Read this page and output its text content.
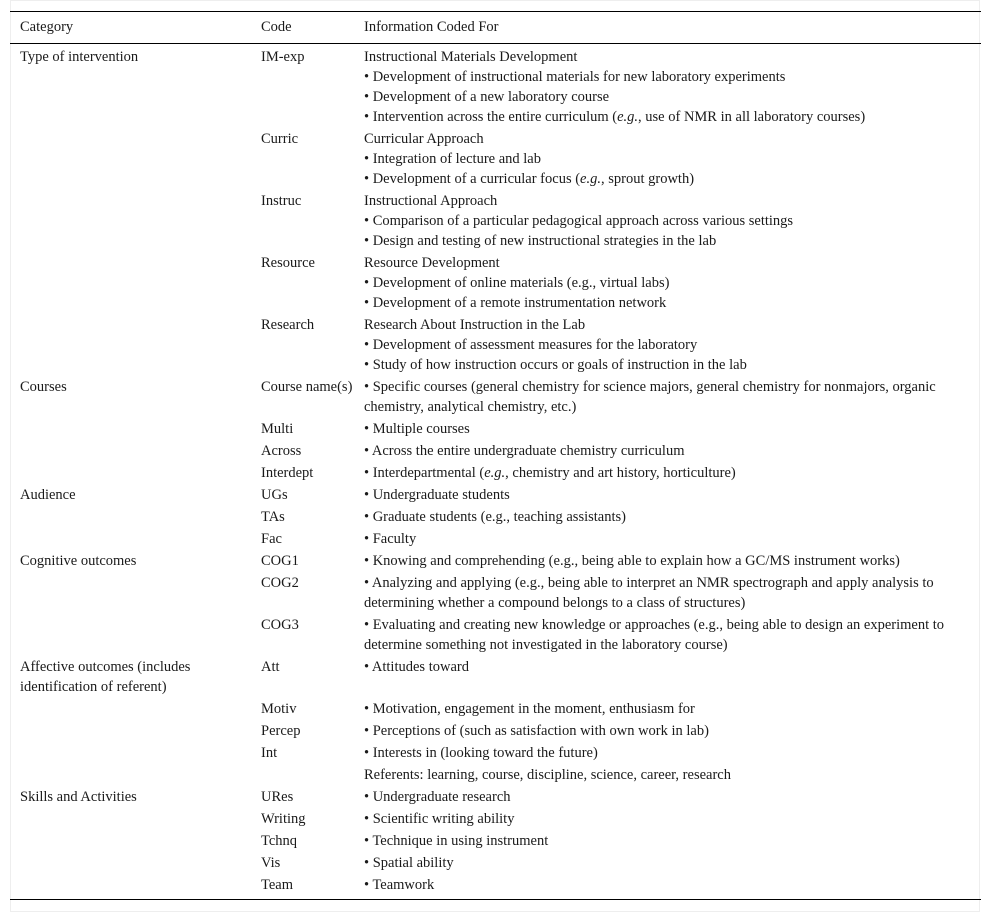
Category	Code	Information Coded For
Type of intervention	IM-exp	Instructional Materials Development
• Development of instructional materials for new laboratory experiments
• Development of a new laboratory course
• Intervention across the entire curriculum (e.g., use of NMR in all laboratory courses)

	Curric	Curricular Approach
• Integration of lecture and lab
• Development of a curricular focus (e.g., sprout growth)

	Instruc	Instructional Approach
• Comparison of a particular pedagogical approach across various settings
• Design and testing of new instructional strategies in the lab

	Resource	Resource Development
• Development of online materials (e.g., virtual labs)
• Development of a remote instrumentation network

	Research	Research About Instruction in the Lab
• Development of assessment measures for the laboratory
• Study of how instruction occurs or goals of instruction in the lab

Courses	Course name(s)	• Specific courses (general chemistry for science majors, general chemistry for nonmajors, organic chemistry, analytical chemistry, etc.)

	Multi	• Multiple courses

	Across	• Across the entire undergraduate chemistry curriculum

	Interdept	• Interdepartmental (e.g., chemistry and art history, horticulture)

Audience	UGs	• Undergraduate students

	TAs	• Graduate students (e.g., teaching assistants)

	Fac	• Faculty

Cognitive outcomes	COG1	• Knowing and comprehending (e.g., being able to explain how a GC/MS instrument works)

	COG2	• Analyzing and applying (e.g., being able to interpret an NMR spectrograph and apply analysis to determining whether a compound belongs to a class of structures)

	COG3	• Evaluating and creating new knowledge or approaches (e.g., being able to design an experiment to determine something not investigated in the laboratory course)

Affective outcomes (includes identification of referent)	Att	• Attitudes toward

	Motiv	• Motivation, engagement in the moment, enthusiasm for

	Percep	• Perceptions of (such as satisfaction with own work in lab)

	Int	• Interests in (looking toward the future)

		Referents: learning, course, discipline, science, career, research

Skills and Activities	URes	• Undergraduate research

	Writing	• Scientific writing ability

	Tchnq	• Technique in using instrument

	Vis	• Spatial ability

	Team	• Teamwork
